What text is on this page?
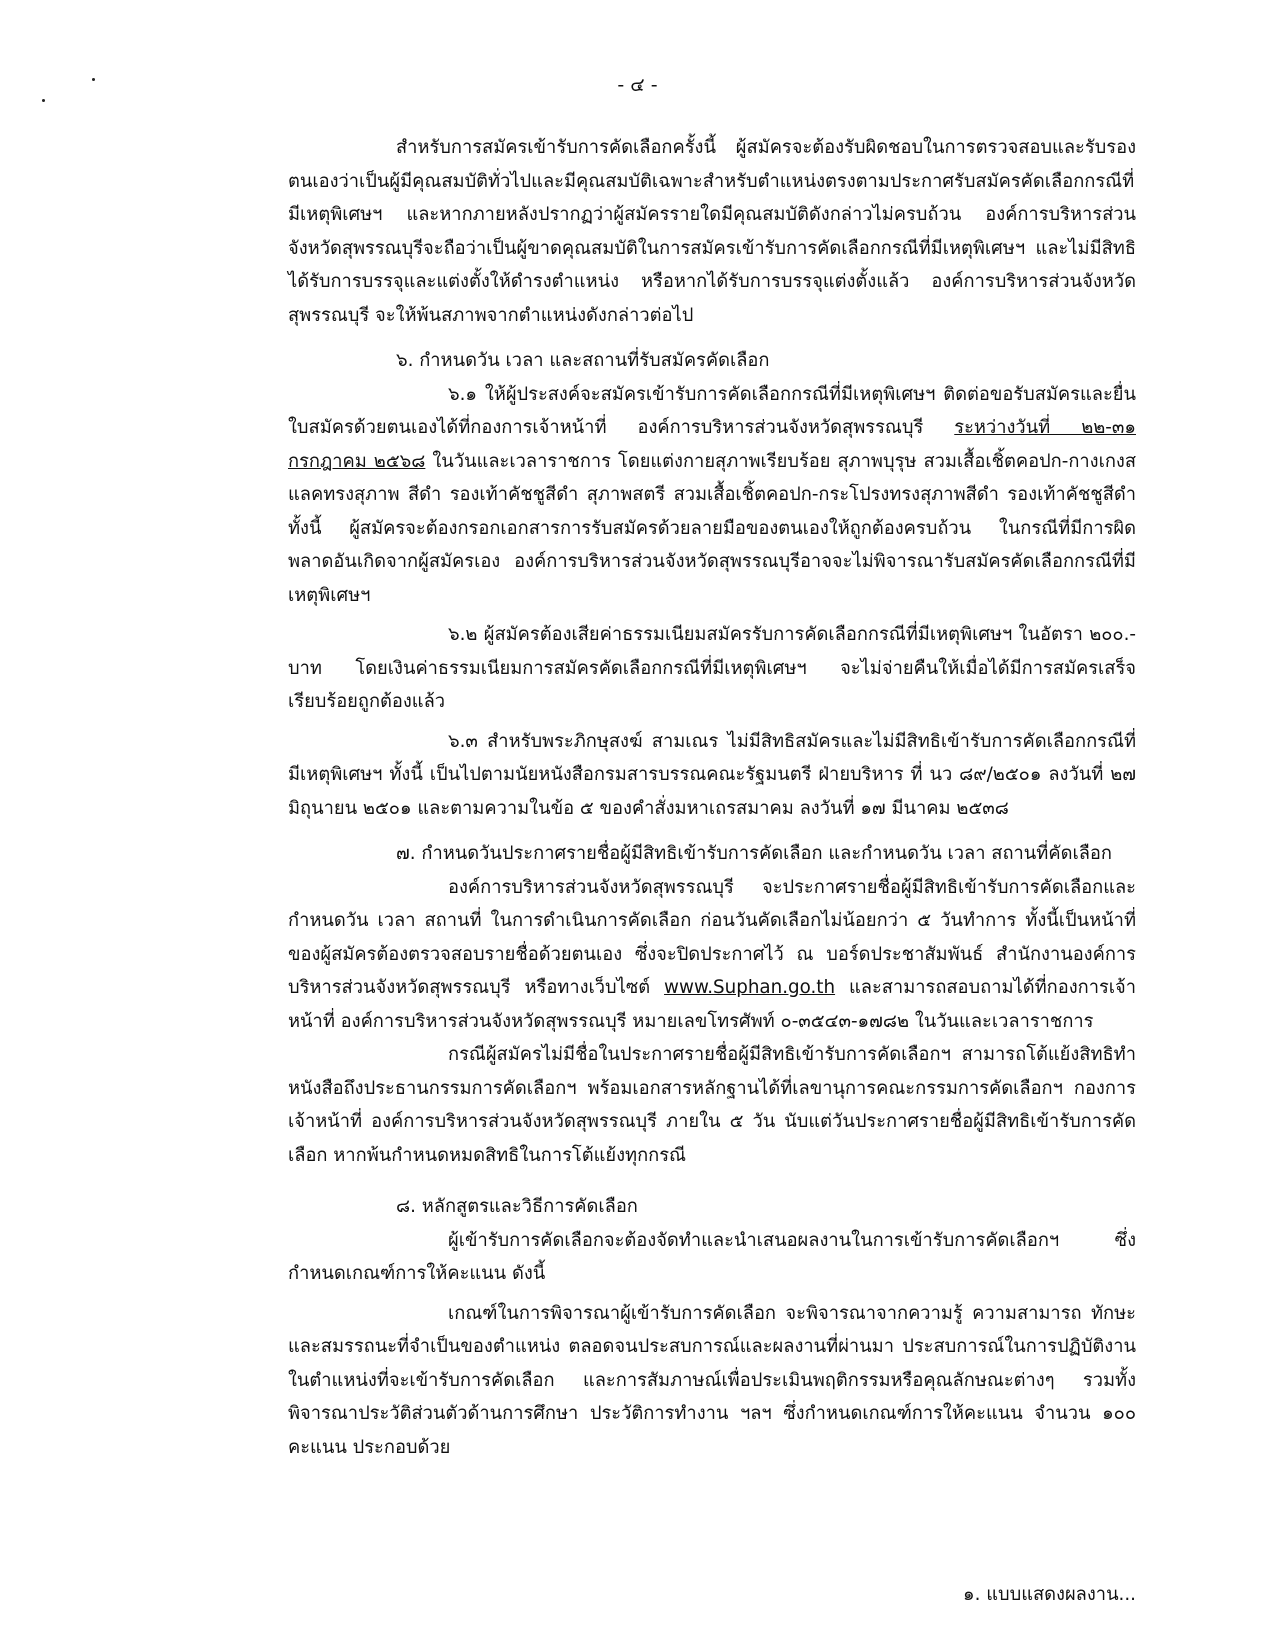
- ๔ -

สำหรับการสมัครเข้ารับการคัดเลือกครั้งนี้ ผู้สมัครจะต้องรับผิดชอบในการตรวจสอบและรับรองตนเองว่าเป็นผู้มีคุณสมบัติทั่วไปและมีคุณสมบัติเฉพาะสำหรับตำแหน่งตรงตามประกาศรับสมัครคัดเลือกกรณีที่มีเหตุพิเศษฯ และหากภายหลังปรากฏว่าผู้สมัครรายใดมีคุณสมบัติดังกล่าวไม่ครบถ้วน องค์การบริหารส่วนจังหวัดสุพรรณบุรีจะถือว่าเป็นผู้ขาดคุณสมบัติในการสมัครเข้ารับการคัดเลือกกรณีที่มีเหตุพิเศษฯ และไม่มีสิทธิได้รับการบรรจุและแต่งตั้งให้ดำรงตำแหน่ง หรือหากได้รับการบรรจุแต่งตั้งแล้ว องค์การบริหารส่วนจังหวัดสุพรรณบุรี จะให้พ้นสภาพจากตำแหน่งดังกล่าวต่อไป

๖. กำหนดวัน เวลา และสถานที่รับสมัครคัดเลือก

๖.๑ ให้ผู้ประสงค์จะสมัครเข้ารับการคัดเลือกกรณีที่มีเหตุพิเศษฯ ติดต่อขอรับสมัครและยื่นใบสมัครด้วยตนเองได้ที่กองการเจ้าหน้าที่ องค์การบริหารส่วนจังหวัดสุพรรณบุรี ระหว่างวันที่ ๒๒-๓๑ กรกฎาคม ๒๕๖๘ ในวันและเวลาราชการ โดยแต่งกายสุภาพเรียบร้อย สุภาพบุรุษ สวมเสื้อเชิ้ตคอปก-กางเกงสแลคทรงสุภาพ สีดำ รองเท้าคัชชูสีดำ สุภาพสตรี สวมเสื้อเชิ้ตคอปก-กระโปรงทรงสุภาพสีดำ รองเท้าคัชชูสีดำ ทั้งนี้ ผู้สมัครจะต้องกรอกเอกสารการรับสมัครด้วยลายมือของตนเองให้ถูกต้องครบถ้วน ในกรณีที่มีการผิดพลาดอันเกิดจากผู้สมัครเอง องค์การบริหารส่วนจังหวัดสุพรรณบุรีอาจจะไม่พิจารณารับสมัครคัดเลือกกรณีที่มีเหตุพิเศษฯ

๖.๒ ผู้สมัครต้องเสียค่าธรรมเนียมสมัครรับการคัดเลือกกรณีที่มีเหตุพิเศษฯ ในอัตรา ๒๐๐.- บาท โดยเงินค่าธรรมเนียมการสมัครคัดเลือกกรณีที่มีเหตุพิเศษฯ จะไม่จ่ายคืนให้เมื่อได้มีการสมัครเสร็จเรียบร้อยถูกต้องแล้ว

๖.๓ สำหรับพระภิกษุสงฆ์ สามเณร ไม่มีสิทธิสมัครและไม่มีสิทธิเข้ารับการคัดเลือกกรณีที่มีเหตุพิเศษฯ ทั้งนี้ เป็นไปตามนัยหนังสือกรมสารบรรณคณะรัฐมนตรี ฝ่ายบริหาร ที่ นว ๘๙/๒๕๐๑ ลงวันที่ ๒๗ มิถุนายน ๒๕๐๑ และตามความในข้อ ๕ ของคำสั่งมหาเถรสมาคม ลงวันที่ ๑๗ มีนาคม ๒๕๓๘

๗. กำหนดวันประกาศรายชื่อผู้มีสิทธิเข้ารับการคัดเลือก และกำหนดวัน เวลา สถานที่คัดเลือก

องค์การบริหารส่วนจังหวัดสุพรรณบุรี จะประกาศรายชื่อผู้มีสิทธิเข้ารับการคัดเลือกและกำหนดวัน เวลา สถานที่ ในการดำเนินการคัดเลือก ก่อนวันคัดเลือกไม่น้อยกว่า ๕ วันทำการ ทั้งนี้เป็นหน้าที่ของผู้สมัครต้องตรวจสอบรายชื่อด้วยตนเอง ซึ่งจะปิดประกาศไว้ ณ บอร์ดประชาสัมพันธ์ สำนักงานองค์การบริหารส่วนจังหวัดสุพรรณบุรี หรือทางเว็บไซต์ www.Suphan.go.th และสามารถสอบถามได้ที่กองการเจ้าหน้าที่ องค์การบริหารส่วนจังหวัดสุพรรณบุรี หมายเลขโทรศัพท์ ๐-๓๕๔๓-๑๗๘๒ ในวันและเวลาราชการ

กรณีผู้สมัครไม่มีชื่อในประกาศรายชื่อผู้มีสิทธิเข้ารับการคัดเลือกฯ สามารถโต้แย้งสิทธิทำหนังสือถึงประธานกรรมการคัดเลือกฯ พร้อมเอกสารหลักฐานได้ที่เลขานุการคณะกรรมการคัดเลือกฯ กองการเจ้าหน้าที่ องค์การบริหารส่วนจังหวัดสุพรรณบุรี ภายใน ๕ วัน นับแต่วันประกาศรายชื่อผู้มีสิทธิเข้ารับการคัดเลือก หากพ้นกำหนดหมดสิทธิในการโต้แย้งทุกกรณี

๘. หลักสูตรและวิธีการคัดเลือก

ผู้เข้ารับการคัดเลือกจะต้องจัดทำและนำเสนอผลงานในการเข้ารับการคัดเลือกฯ ซึ่งกำหนดเกณฑ์การให้คะแนน ดังนี้

เกณฑ์ในการพิจารณาผู้เข้ารับการคัดเลือก จะพิจารณาจากความรู้ ความสามารถ ทักษะและสมรรถนะที่จำเป็นของตำแหน่ง ตลอดจนประสบการณ์และผลงานที่ผ่านมา ประสบการณ์ในการปฏิบัติงานในตำแหน่งที่จะเข้ารับการคัดเลือก และการสัมภาษณ์เพื่อประเมินพฤติกรรมหรือคุณลักษณะต่างๆ รวมทั้งพิจารณาประวัติส่วนตัวด้านการศึกษา ประวัติการทำงาน ฯลฯ ซึ่งกำหนดเกณฑ์การให้คะแนน จำนวน ๑๐๐ คะแนน ประกอบด้วย

๑. แบบแสดงผลงาน...
